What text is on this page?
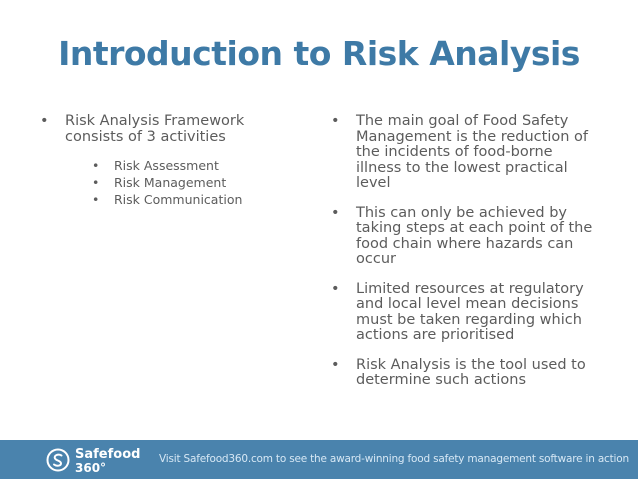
Introduction to Risk Analysis
• Risk Analysis Framework consists of 3 activities
• Risk Assessment
• Risk Management
• Risk Communication
• The main goal of Food Safety Management is the reduction of the incidents of food-borne illness to the lowest practical level
• This can only be achieved by taking steps at each point of the food chain where hazards can occur
• Limited resources at regulatory and local level mean decisions must be taken regarding which actions are prioritised
• Risk Analysis is the tool used to determine such actions
Safefood
360°
Visit Safefood360.com to see the award-winning food safety management software in action
